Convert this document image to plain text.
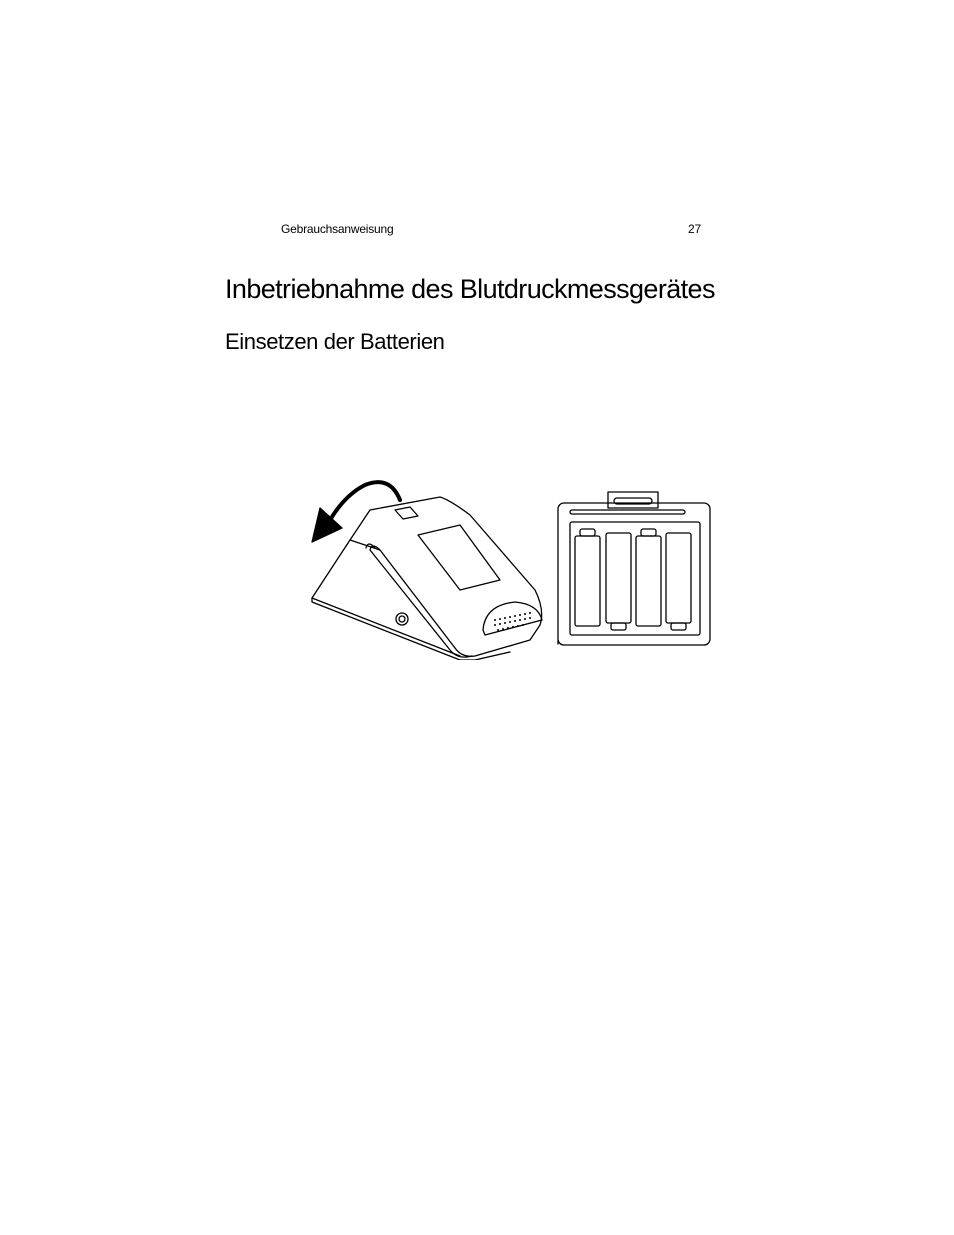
Gebrauchsanweisung	27
Inbetriebnahme des Blutdruckmessgerätes
Einsetzen der Batterien
